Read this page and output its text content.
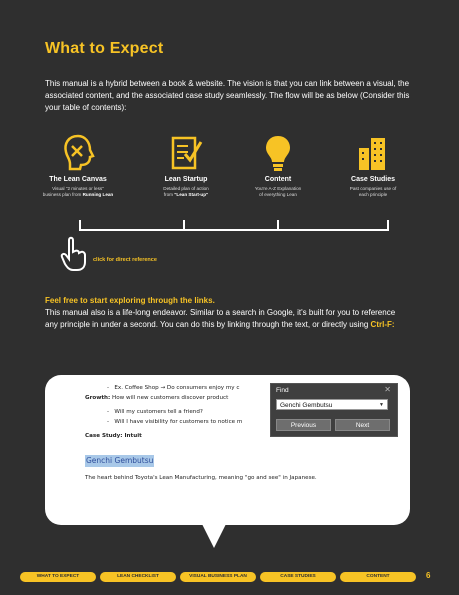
What to Expect
This manual is a hybrid between a book & website. The vision is that you can link between a visual, the associated content, and the associated case study seamlessly. The flow will be as below (Consider this your table of contents):
The Lean Canvas
Visual "2 minutes or less"
business plan from Running Lean
Lean Startup
Detailed plan of action
from "Lean Start-up"
Content
You're A-Z Explanation
of everything Lean
Case Studies
Past companies use of
each principle
click for direct reference
Feel free to start exploring through the links.
This manual also is a life-long endeavor. Similar to a search in Google, it's built for you to reference any principle in under a second. You can do this by linking through the text, or directly using Ctrl-F:
-   Ex. Coffee Shop → Do consumers enjoy my c
Growth: How will new customers discover product
-   Will my customers tell a friend?
-   Will I have visibility for customers to notice m
Case Study: Intuit
Genchi Gembutsu
The heart behind Toyota's Lean Manufacturing, meaning "go and see" in Japanese.
Find	✕
Genchi Gembutsu	▼
Previous	Next
WHAT TO EXPECT	LEAN CHECKLIST	VISUAL BUSINESS PLAN	CASE STUDIES	CONTENT	6
